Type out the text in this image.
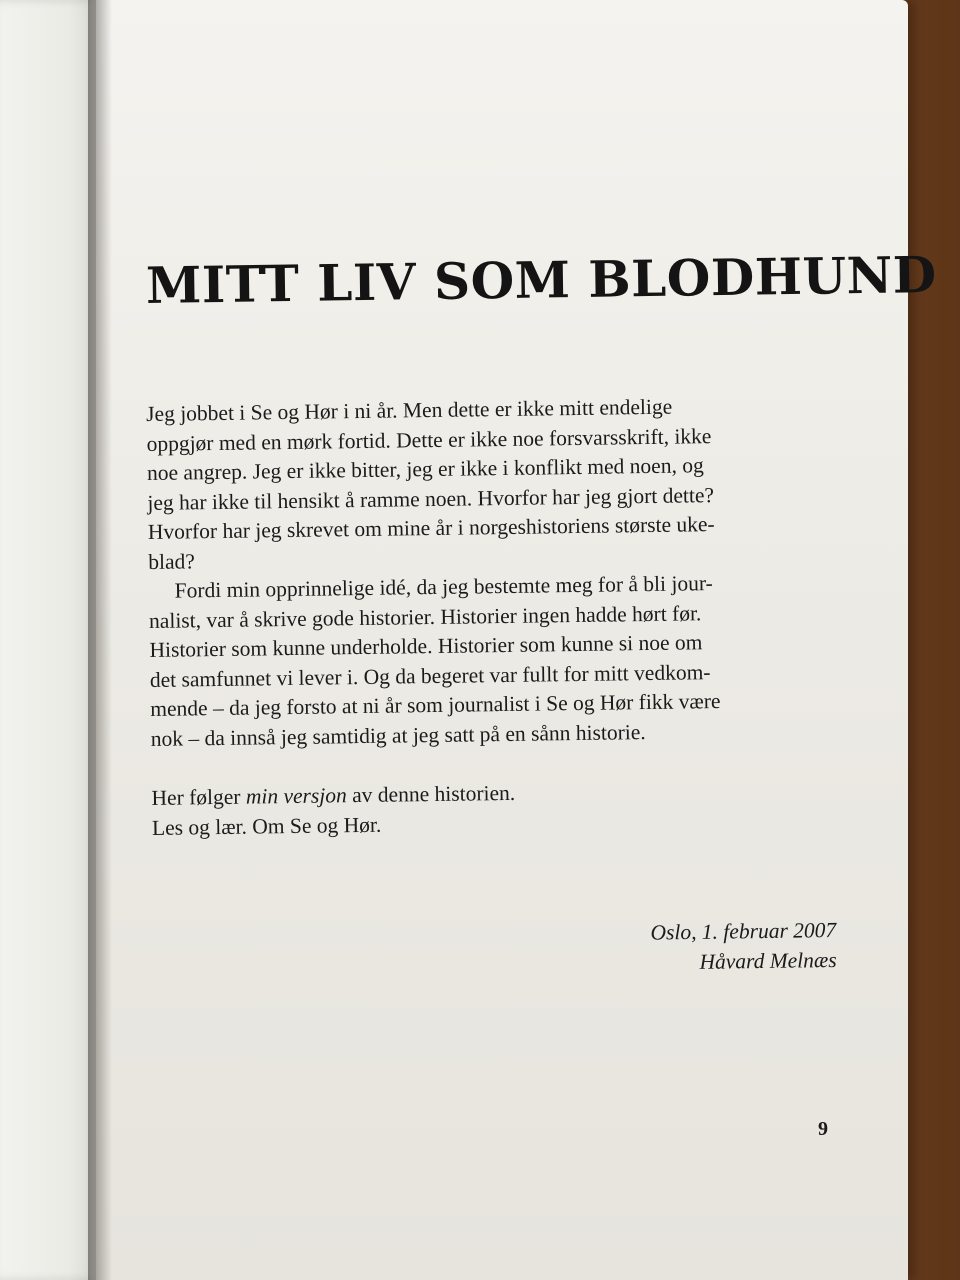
MITT LIV SOM BLODHUND

Jeg jobbet i Se og Hør i ni år. Men dette er ikke mitt endelige
oppgjør med en mørk fortid. Dette er ikke noe forsvarsskrift, ikke
noe angrep. Jeg er ikke bitter, jeg er ikke i konflikt med noen, og
jeg har ikke til hensikt å ramme noen. Hvorfor har jeg gjort dette?
Hvorfor har jeg skrevet om mine år i norgeshistoriens største uke-
blad?

Fordi min opprinnelige idé, da jeg bestemte meg for å bli jour-
nalist, var å skrive gode historier. Historier ingen hadde hørt før.
Historier som kunne underholde. Historier som kunne si noe om
det samfunnet vi lever i. Og da begeret var fullt for mitt vedkom-
mende – da jeg forsto at ni år som journalist i Se og Hør fikk være
nok – da innså jeg samtidig at jeg satt på en sånn historie.

Her følger min versjon av denne historien.
Les og lær. Om Se og Hør.

Oslo, 1. februar 2007
Håvard Melnæs
9
